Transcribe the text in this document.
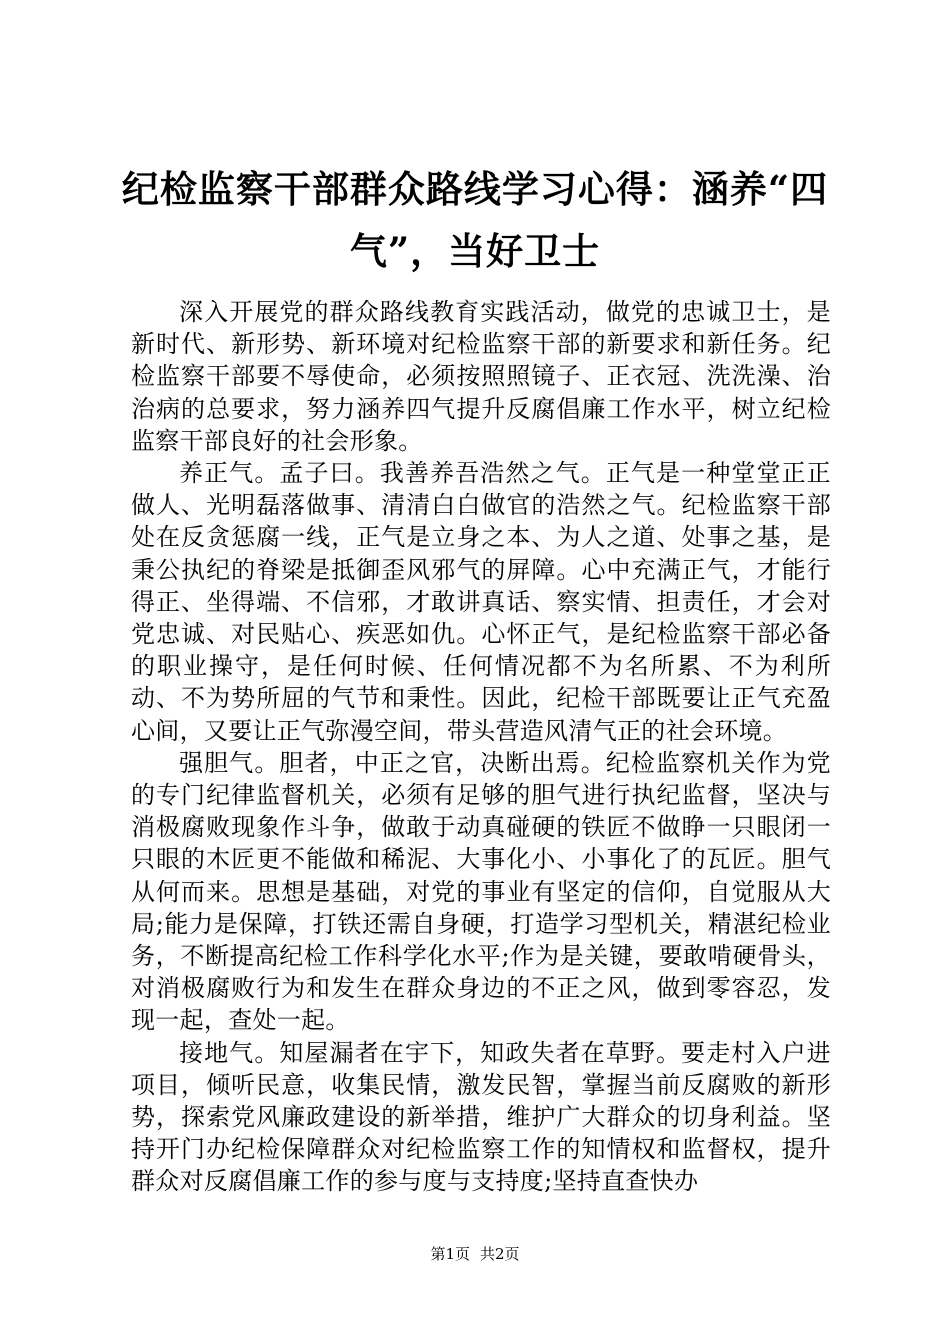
纪检监察干部群众路线学习心得：涵养“四
气”，当好卫士

深入开展党的群众路线教育实践活动，做党的忠诚卫士，是新时代、新形势、新环境对纪检监察干部的新要求和新任务。纪检监察干部要不辱使命，必须按照照镜子、正衣冠、洗洗澡、治治病的总要求，努力涵养四气提升反腐倡廉工作水平，树立纪检监察干部良好的社会形象。

养正气。孟子曰。我善养吾浩然之气。正气是一种堂堂正正做人、光明磊落做事、清清白白做官的浩然之气。纪检监察干部处在反贪惩腐一线，正气是立身之本、为人之道、处事之基，是秉公执纪的脊梁是抵御歪风邪气的屏障。心中充满正气，才能行得正、坐得端、不信邪，才敢讲真话、察实情、担责任，才会对党忠诚、对民贴心、疾恶如仇。心怀正气，是纪检监察干部必备的职业操守，是任何时候、任何情况都不为名所累、不为利所动、不为势所屈的气节和秉性。因此，纪检干部既要让正气充盈心间，又要让正气弥漫空间，带头营造风清气正的社会环境。

强胆气。胆者，中正之官，决断出焉。纪检监察机关作为党的专门纪律监督机关，必须有足够的胆气进行执纪监督，坚决与消极腐败现象作斗争，做敢于动真碰硬的铁匠不做睁一只眼闭一只眼的木匠更不能做和稀泥、大事化小、小事化了的瓦匠。胆气从何而来。思想是基础，对党的事业有坚定的信仰，自觉服从大局;能力是保障，打铁还需自身硬，打造学习型机关，精湛纪检业务，不断提高纪检工作科学化水平;作为是关键，要敢啃硬骨头，对消极腐败行为和发生在群众身边的不正之风，做到零容忍，发现一起，查处一起。

接地气。知屋漏者在宇下，知政失者在草野。要走村入户进项目，倾听民意，收集民情，激发民智，掌握当前反腐败的新形势，探索党风廉政建设的新举措，维护广大群众的切身利益。坚持开门办纪检保障群众对纪检监察工作的知情权和监督权，提升群众对反腐倡廉工作的参与度与支持度;坚持直查快办

第1页 共2页
